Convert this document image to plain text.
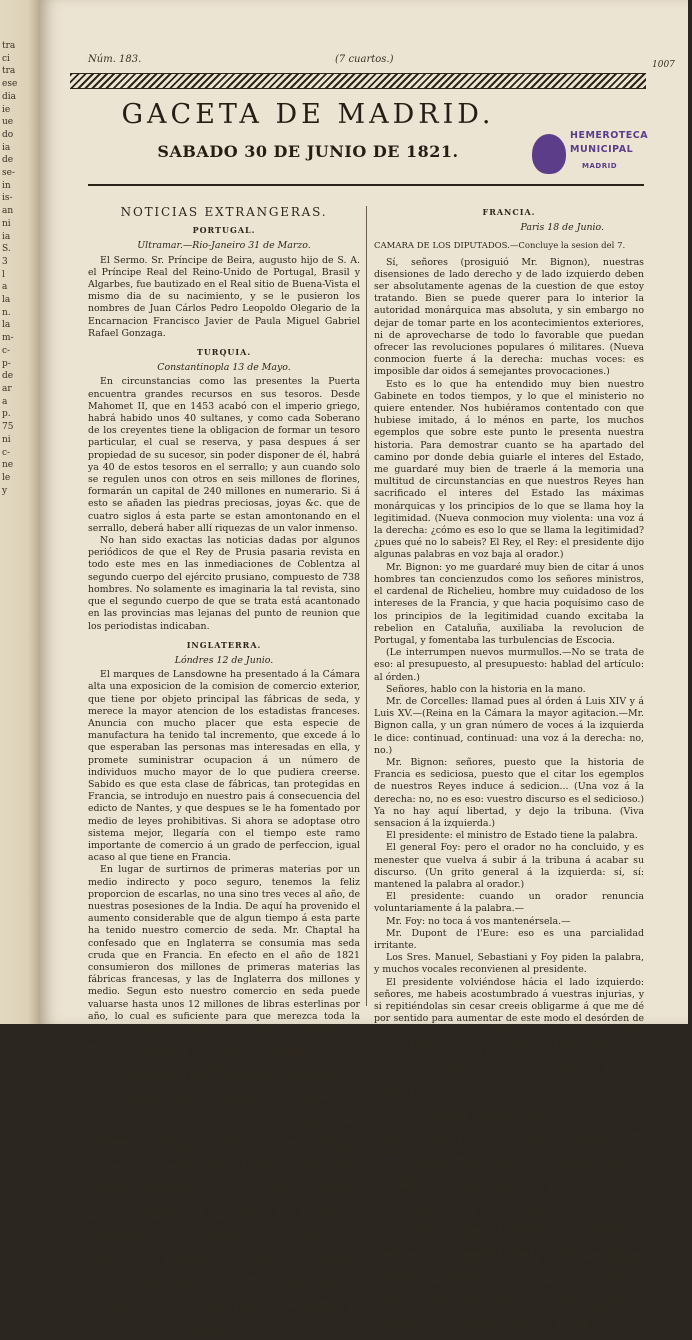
tra
ci
tra
ese
dia
ie
ue
do
ia
de
se-
in
is-
an
ni
ia
S.
3
l
a
la
n.
la
m-
c-
p-
de
ar
a
p.
75
ni
c-
ne
le
y
Núm. 183.	(7 cuartos.)	1007
GACETA DE MADRID.
SABADO 30 DE JUNIO DE 1821.
HEMEROTECA
MUNICIPAL
MADRID
NOTICIAS EXTRANGERAS.
PORTUGAL.
Ultramar.—Rio-Janeiro 31 de Marzo.

El Sermo. Sr. Príncipe de Beira, augusto hijo de S. A. el Príncipe Real del Reino-Unido de Portugal, Brasil y Algarbes, fue bautizado en el Real sitio de Buena-Vista el mismo dia de su nacimiento, y se le pusieron los nombres de Juan Cárlos Pedro Leopoldo Olegario de la Encarnacion Francisco Javier de Paula Miguel Gabriel Rafael Gonzaga.

TURQUIA.
Constantinopla 13 de Mayo.

En circunstancias como las presentes la Puerta encuentra grandes recursos en sus tesoros. Desde Mahomet II, que en 1453 acabó con el imperio griego, habrá habido unos 40 sultanes, y como cada Soberano de los creyentes tiene la obligacion de formar un tesoro particular, el cual se reserva, y pasa despues á ser propiedad de su sucesor, sin poder disponer de él, habrá ya 40 de estos tesoros en el serrallo; y aun cuando solo se regulen unos con otros en seis millones de florines, formarán un capital de 240 millones en numerario. Si á esto se añaden las piedras preciosas, joyas &c. que de cuatro siglos á esta parte se estan amontonando en el serrallo, deberá haber allí riquezas de un valor inmenso.

No han sido exactas las noticias dadas por algunos periódicos de que el Rey de Prusia pasaria revista en todo este mes en las inmediaciones de Coblentza al segundo cuerpo del ejército prusiano, compuesto de 738 hombres. No solamente es imaginaria la tal revista, sino que el segundo cuerpo de que se trata está acantonado en las provincias mas lejanas del punto de reunion que los periodistas indicaban.

INGLATERRA.
Lóndres 12 de Junio.

El marques de Lansdowne ha presentado á la Cámara alta una exposicion de la comision de comercio exterior, que tiene por objeto principal las fábricas de seda, y merece la mayor atencion de los estadistas franceses. Anuncia con mucho placer que esta especie de manufactura ha tenido tal incremento, que excede á lo que esperaban las personas mas interesadas en ella, y promete suministrar ocupacion á un número de individuos mucho mayor de lo que pudiera creerse. Sabido es que esta clase de fábricas, tan protegidas en Francia, se introdujo en nuestro pais á consecuencia del edicto de Nantes, y que despues se le ha fomentado por medio de leyes prohibitivas. Si ahora se adoptase otro sistema mejor, llegaría con el tiempo este ramo importante de comercio á un grado de perfeccion, igual acaso al que tiene en Francia.

En lugar de surtirnos de primeras materias por un medio indirecto y poco seguro, tenemos la feliz proporcion de escarlas, no una sino tres veces al año, de nuestras posesiones de la India. De aquí ha provenido el aumento considerable que de algun tiempo á esta parte ha tenido nuestro comercio de seda. Mr. Chaptal ha confesado que en Inglaterra se consumia mas seda cruda que en Francia. En efecto en el año de 1821 consumieron dos millones de primeras materias las fábricas francesas, y las de Inglaterra dos millones y medio. Segun esto nuestro comercio en seda puede valuarse hasta unos 12 millones de libras esterlinas por año, lo cual es suficiente para que merezca toda la proteccion de las leyes. Ha notado la comision que desde el momento en que el comercio de la India quedó libre, no solamente se aumentó la cantidad de la seda introducida, sino que tambien se mejoró su calidad, lo cual ha contribuido á que prosperen las fábricas de esta especie.

La comision llamó la atencion de la Cámara con respecto á los derechos que pagan actualmente las primeras materias, y fue de parecer que una rebaja, por pequeña que fuese, aumentaria al mismo tiempo las comisiones en lo interior y la extraccion al extrangero. En orden á las rebajas sobre la extraccion, los actuales aranceles obligan á grandes gastos en el embarque de pequeñas cantidades, y solo en pequeñas cantidades puede hacerse la extraccion. Los mismos fabricantes estan persuadidos que si renunciando á la prohibicion de las sederías francesas se impusiera un derecho que contrabalancease la desventaja que resulta de la diferencia del precio de los jornales en los dos paises, se minorarian los derechos que pagan las primeras materias, y se agregarian mejor las rebajas, no temerian la concurrencia de los franceses no solamente en nuestro pais, sino en los mercados de Europa. La comision sabe que en América nuestras manufacturas, á pesar de su mayor precio, son preferidas á las francesas á causa de su mejor calidad.

FRANCIA.
Paris 18 de Junio.
CAMARA DE LOS DIPUTADOS.—Concluye la sesion del 7.

Sí, señores (prosiguió Mr. Bignon), nuestras disensiones de lado derecho y de lado izquierdo deben ser absolutamente agenas de la cuestion de que estoy tratando. Bien se puede querer para lo interior la autoridad monárquica mas absoluta, y sin embargo no dejar de tomar parte en los acontecimientos exteriores, ni de aprovecharse de todo lo favorable que puedan ofrecer las revoluciones populares ó militares. (Nueva conmocion fuerte á la derecha: muchas voces: es imposible dar oidos á semejantes provocaciones.)

Esto es lo que ha entendido muy bien nuestro Gabinete en todos tiempos, y lo que el ministerio no quiere entender. Nos hubiéramos contentado con que hubiese imitado, á lo ménos en parte, los muchos egemplos que sobre este punto le presenta nuestra historia. Para demostrar cuanto se ha apartado del camino por donde debia guiarle el interes del Estado, me guardaré muy bien de traerle á la memoria una multitud de circunstancias en que nuestros Reyes han sacrificado el interes del Estado las máximas monárquicas y los principios de lo que se llama hoy la legitimidad. (Nueva conmocion muy violenta: una voz á la derecha: ¿cómo es eso lo que se llama la legitimidad? ¿pues qué no lo sabeis? El Rey, el Rey: el presidente dijo algunas palabras en voz baja al orador.)

Mr. Bignon: yo me guardaré muy bien de citar á unos hombres tan concienzudos como los señores ministros, el cardenal de Richelieu, hombre muy cuidadoso de los intereses de la Francia, y que hacia poquísimo caso de los principios de la legitimidad cuando excitaba la rebelion en Cataluña, auxiliaba la revolucion de Portugal, y fomentaba las turbulencias de Escocia.

(Le interrumpen nuevos murmullos.—No se trata de eso: al presupuesto, al presupuesto: hablad del artículo: al órden.)

Señores, hablo con la historia en la mano.

Mr. de Corcelles: llamad pues al órden á Luis XIV y á Luis XV.—(Reina en la Cámara la mayor agitacion.—Mr. Bignon calla, y un gran número de voces á la izquierda le dice: continuad, continuad: una voz á la derecha: no, no.)

Mr. Bignon: señores, puesto que la historia de Francia es sediciosa, puesto que el citar los egemplos de nuestros Reyes induce á sedicion... (Una voz á la derecha: no, no es eso: vuestro discurso es el sedicioso.) Ya no hay aquí libertad, y dejo la tribuna. (Viva sensacion á la izquierda.)

El presidente: el ministro de Estado tiene la palabra.

El general Foy: pero el orador no ha concluido, y es menester que vuelva á subir á la tribuna á acabar su discurso. (Un grito general á la izquierda: sí, sí: mantened la palabra al orador.)

El presidente: cuando un orador renuncia voluntariamente á la palabra.—

Mr. Foy: no toca á vos mantenérsela.—

Mr. Dupont de l'Eure: eso es una parcialidad irritante.

Los Sres. Manuel, Sebastiani y Foy piden la palabra, y muchos vocales reconvienen al presidente.

El presidente volviéndose hácia el lado izquierdo: señores, me habeis acostumbrado á vuestras injurias, y si repitiéndolas sin cesar creeis obligarme á que me dé por sentido para aumentar de este modo el desórden de la Cámara, os advierto que no lo conseguireis: se cuáles son mis deberes, y sabré cumplir con ellos. (Aprobacion general en el centro y á la derecha.)

Mr. de Corcelles: no se trata de sensibilidad, sino de justicia. (Muchos vocales reclaman de nuevo la palabra.)

El presidente: vosotros no teneis la palabra, porque la tiene el ministro de Estado. (Gran silencio.)

El ministro empezó su arenga con suma dificultad, porque le faltaba la voz; pero al fin se esforzó, y pudo hablar en voz clara é inteligible.

Para impugnar á Mr. Bignon por el mismo estilo que este habia atacado al ministerio dividió su discurso en dos partes, la primera relativa á las personas que empleaba el ministerio de Estado, y la segunda á los efectos políticos que debian resultar.

En cuanto á lo primero dijo que era muy natural que el Gobierno del Rey se valiese para defender los derechos de la monarquía de las personas mas capaces, mas hábiles y mas fieles y adictas á ella; y que mientras existiese el Gobierno Real, fundado en los principios que le servian y debian servir de regla, no emplearia á individuo alguno que profesase principios contrarios. No, señores (prosiguió), el Gobierno del Rey nunca empleará á sus enemigos, porque esto seria dar
